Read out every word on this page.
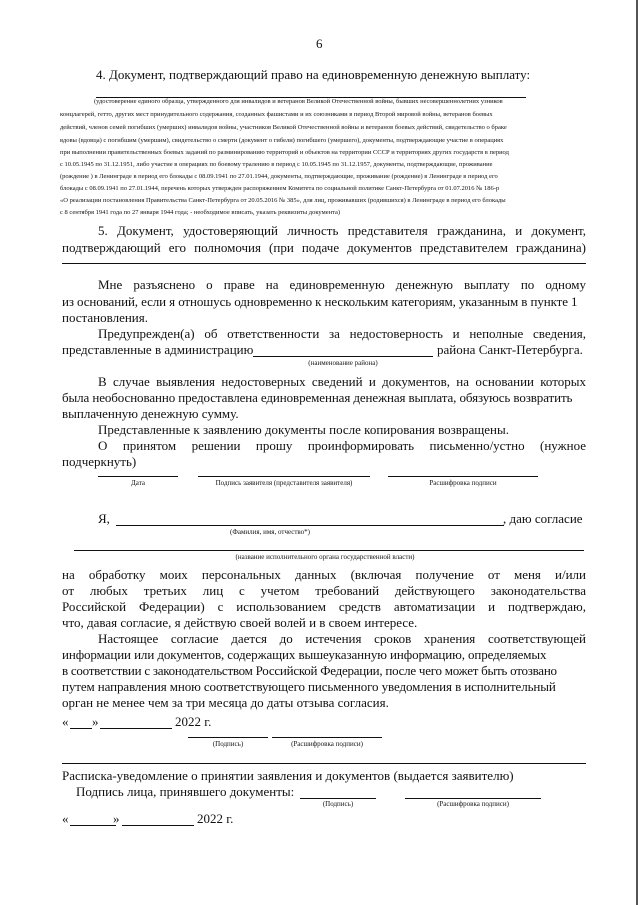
6
4. Документ, подтверждающий право на единовременную денежную выплату:
(удостоверение единого образца, утвержденного для инвалидов и ветеранов Великой Отечественной войны, бывших несовершеннолетних узников
концлагерей, гетто, других мест принудительного содержания, созданных фашистами и их союзниками в период Второй мировой войны, ветеранов боевых
действий, членов семей погибших (умерших) инвалидов войны, участников Великой Отечественной войны и ветеранов боевых действий, свидетельство о браке
вдовы (вдовца) с погибшим (умершим), свидетельство о смерти (документ о гибели) погибшего (умершего), документы, подтверждающие участие в операциях
при выполнении правительственных боевых заданий по разминированию территорий и объектов на территории СССР и территориях других государств в период
с 10.05.1945 по 31.12.1951, либо участие в операциях по боевому тралению в период с 10.05.1945 по 31.12.1957, документы, подтверждающие, проживание
(рождение ) в Ленинграде в период его блокады с 08.09.1941 по 27.01.1944, документы, подтверждающие, проживание (рождение) в Ленинграде в период его
блокады с 08.09.1941 по 27.01.1944, перечень которых утвержден распоряжением Комитета по социальной политике Санкт-Петербурга от 01.07.2016 № 186-р
«О реализации постановления Правительства Санкт-Петербурга от 20.05.2016 № 385», для лиц, проживавших (родившихся) в Ленинграде в период его блокады
с 8 сентября 1941 года по 27 января 1944 года; - необходимое вписать, указать реквизиты документа)
5. Документ, удостоверяющий личность представителя гражданина, и документ,
подтверждающий его полномочия (при подаче документов представителем гражданина)
Мне разъяснено о праве на единовременную денежную выплату по одному
из оснований, если я отношусь одновременно к нескольким категориям, указанным в пункте 1
постановления.
Предупрежден(а) об ответственности за недостоверность и неполные сведения,
представленные в администрацию	района Санкт-Петербурга.
(наименование района)
В случае выявления недостоверных сведений и документов, на основании которых
была необоснованно предоставлена единовременная денежная выплата, обязуюсь возвратить
выплаченную денежную сумму.
Представленные к заявлению документы после копирования возвращены.
О принятом решении прошу проинформировать письменно/устно (нужное
подчеркнуть)
Дата	Подпись заявителя (представителя заявителя)	Расшифровка подписи
Я,	, даю согласие
(Фамилия, имя, отчество*)
(название исполнительного органа государственной власти)
на обработку моих персональных данных (включая получение от меня и/или
от любых третьих лиц с учетом требований действующего законодательства
Российской Федерации) с использованием средств автоматизации и подтверждаю,
что, давая согласие, я действую своей волей и в своем интересе.
Настоящее согласие дается до истечения сроков хранения соответствующей
информации или документов, содержащих вышеуказанную информацию, определяемых
в соответствии с законодательством Российской Федерации, после чего может быть отозвано
путем направления мною соответствующего письменного уведомления в исполнительный
орган не менее чем за три месяца до даты отзыва согласия.
« »	2022 г.
(Подпись)	(Расшифровка подписи)
Расписка-уведомление о принятии заявления и документов (выдается заявителю)
Подпись лица, принявшего документы:
(Подпись)	(Расшифровка подписи)
«	»	2022 г.
